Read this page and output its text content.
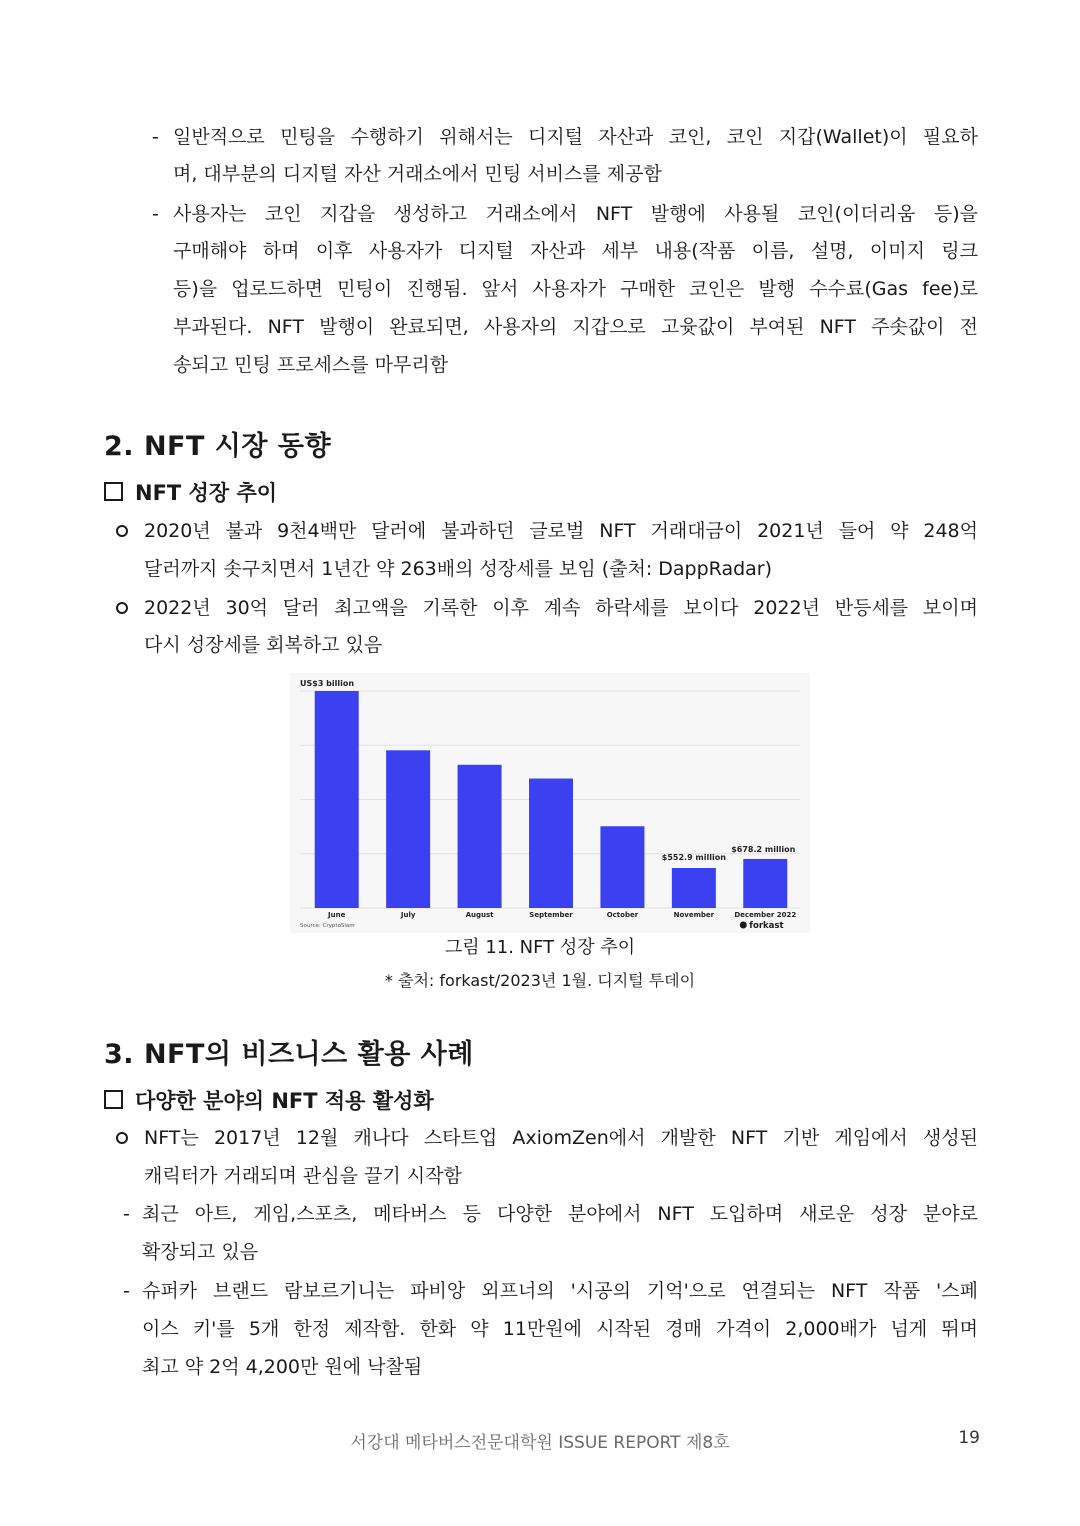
- 일반적으로 민팅을 수행하기 위해서는 디지털 자산과 코인, 코인 지갑(Wallet)이 필요하
며, 대부분의 디지털 자산 거래소에서 민팅 서비스를 제공함
- 사용자는 코인 지갑을 생성하고 거래소에서 NFT 발행에 사용될 코인(이더리움 등)을
구매해야 하며 이후 사용자가 디지털 자산과 세부 내용(작품 이름, 설명, 이미지 링크
등)을 업로드하면 민팅이 진행됨. 앞서 사용자가 구매한 코인은 발행 수수료(Gas fee)로
부과된다. NFT 발행이 완료되면, 사용자의 지갑으로 고윳값이 부여된 NFT 주솟값이 전
송되고 민팅 프로세스를 마무리함
2. NFT 시장 동향
NFT 성장 추이
2020년 불과 9천4백만 달러에 불과하던 글로벌 NFT 거래대금이 2021년 들어 약 248억
달러까지 솟구치면서 1년간 약 263배의 성장세를 보임 (출처: DappRadar)
2022년 30억 달러 최고액을 기록한 이후 계속 하락세를 보이다 2022년 반등세를 보이며
다시 성장세를 회복하고 있음
June	July	August	September	October	November	December 2022
US$3 billion
$552.9 million
$678.2 million
Source: CryptoSlam	forkast
그림 11. NFT 성장 추이
* 출처: forkast/2023년 1월. 디지털 투데이
3. NFT의 비즈니스 활용 사례
다양한 분야의 NFT 적용 활성화
NFT는 2017년 12월 캐나다 스타트업 AxiomZen에서 개발한 NFT 기반 게임에서 생성된
캐릭터가 거래되며 관심을 끌기 시작함
- 최근 아트, 게임,스포츠, 메타버스 등 다양한 분야에서 NFT 도입하며 새로운 성장 분야로
확장되고 있음
- 슈퍼카 브랜드 람보르기니는 파비앙 외프너의 '시공의 기억'으로 연결되는 NFT 작품 '스페
이스 키'를 5개 한정 제작함. 한화 약 11만원에 시작된 경매 가격이 2,000배가 넘게 뛰며
최고 약 2억 4,200만 원에 낙찰됨
서강대 메타버스전문대학원 ISSUE REPORT 제8호	19
